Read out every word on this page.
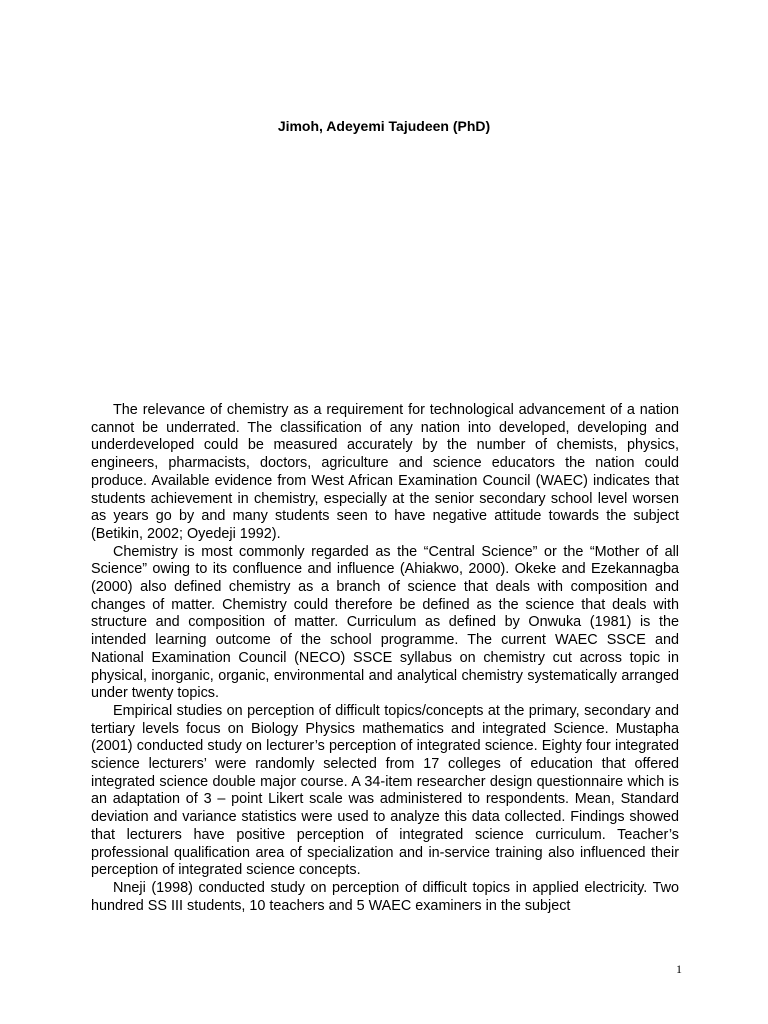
Jimoh, Adeyemi Tajudeen (PhD)

The relevance of chemistry as a requirement for technological advancement of a nation cannot be underrated. The classification of any nation into developed, developing and underdeveloped could be measured accurately by the number of chemists, physics, engineers, pharmacists, doctors, agriculture and science educators the nation could produce. Available evidence from West African Examination Council (WAEC) indicates that students achievement in chemistry, especially at the senior secondary school level worsen as years go by and many students seen to have negative attitude towards the subject (Betikin, 2002; Oyedeji 1992).

Chemistry is most commonly regarded as the “Central Science” or the “Mother of all Science” owing to its confluence and influence (Ahiakwo, 2000). Okeke and Ezekannagba (2000) also defined chemistry as a branch of science that deals with composition and changes of matter. Chemistry could therefore be defined as the science that deals with structure and composition of matter. Curriculum as defined by Onwuka (1981) is the intended learning outcome of the school programme. The current WAEC SSCE and National Examination Council (NECO) SSCE syllabus on chemistry cut across topic in physical, inorganic, organic, environmental and analytical chemistry systematically arranged under twenty topics.

Empirical studies on perception of difficult topics/concepts at the primary, secondary and tertiary levels focus on Biology Physics mathematics and integrated Science. Mustapha (2001) conducted study on lecturer’s perception of integrated science. Eighty four integrated science lecturers’ were randomly selected from 17 colleges of education that offered integrated science double major course. A 34-item researcher design questionnaire which is an adaptation of 3 – point Likert scale was administered to respondents. Mean, Standard deviation and variance statistics were used to analyze this data collected. Findings showed that lecturers have positive perception of integrated science curriculum. Teacher’s professional qualification area of specialization and in-service training also influenced their perception of integrated science concepts.

Nneji (1998) conducted study on perception of difficult topics in applied electricity. Two hundred SS III students, 10 teachers and 5 WAEC examiners in the subject

1
